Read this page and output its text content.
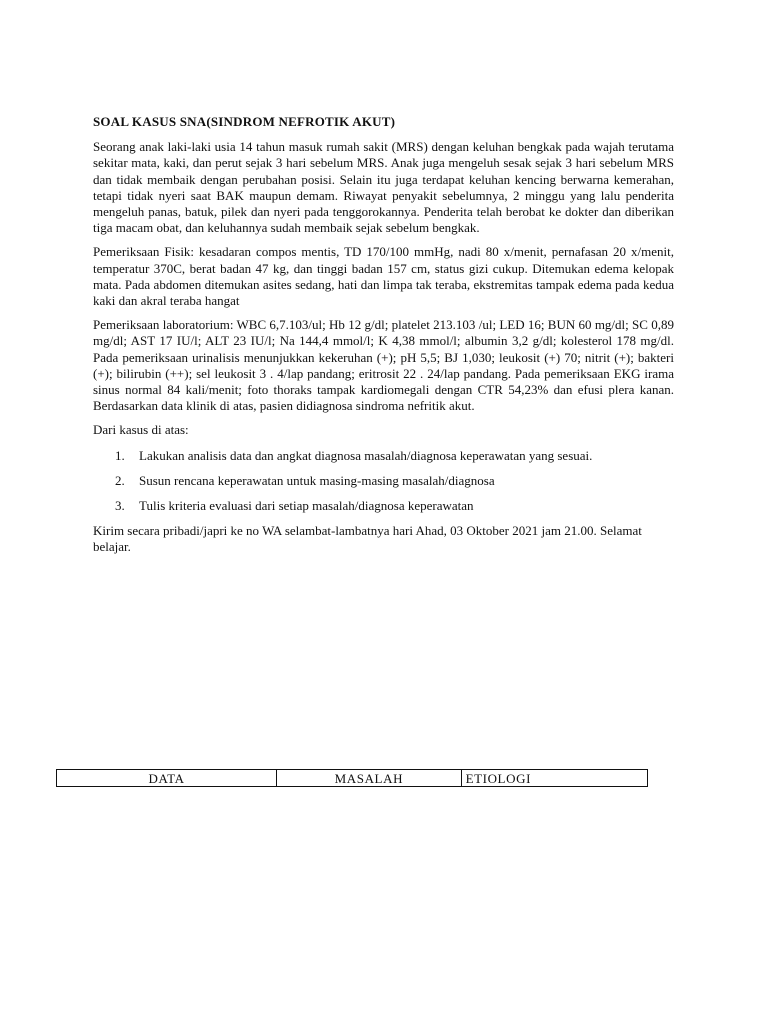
SOAL KASUS SNA(SINDROM NEFROTIK AKUT)

Seorang anak laki-laki usia 14 tahun masuk rumah sakit (MRS) dengan keluhan bengkak pada wajah terutama sekitar mata, kaki, dan perut sejak 3 hari sebelum MRS. Anak juga mengeluh sesak sejak 3 hari sebelum MRS dan tidak membaik dengan perubahan posisi. Selain itu juga terdapat keluhan kencing berwarna kemerahan, tetapi tidak nyeri saat BAK maupun demam. Riwayat penyakit sebelumnya, 2 minggu yang lalu penderita mengeluh panas, batuk, pilek dan nyeri pada tenggorokannya. Penderita telah berobat ke dokter dan diberikan tiga macam obat, dan keluhannya sudah membaik sejak sebelum bengkak.

Pemeriksaan Fisik: kesadaran compos mentis, TD 170/100 mmHg, nadi 80 x/menit, pernafasan 20 x/menit, temperatur 370C, berat badan 47 kg, dan tinggi badan 157 cm, status gizi cukup. Ditemukan edema kelopak mata. Pada abdomen ditemukan asites sedang, hati dan limpa tak teraba, ekstremitas tampak edema pada kedua kaki dan akral teraba hangat

Pemeriksaan laboratorium: WBC 6,7.103/ul; Hb 12 g/dl; platelet 213.103 /ul; LED 16; BUN 60 mg/dl; SC 0,89 mg/dl; AST 17 IU/l; ALT 23 IU/l; Na 144,4 mmol/l; K 4,38 mmol/l; albumin 3,2 g/dl; kolesterol 178 mg/dl. Pada pemeriksaan urinalisis menunjukkan kekeruhan (+); pH 5,5; BJ 1,030; leukosit (+) 70; nitrit (+); bakteri (+); bilirubin (++); sel leukosit 3 . 4/lap pandang; eritrosit 22 . 24/lap pandang. Pada pemeriksaan EKG irama sinus normal 84 kali/menit; foto thoraks tampak kardiomegali dengan CTR 54,23% dan efusi plera kanan. Berdasarkan data klinik di atas, pasien didiagnosa sindroma nefritik akut.

Dari kasus di atas:

1. Lakukan analisis data dan angkat diagnosa masalah/diagnosa keperawatan yang sesuai.
2. Susun rencana keperawatan untuk masing-masing masalah/diagnosa
3. Tulis kriteria evaluasi dari setiap masalah/diagnosa keperawatan

Kirim secara pribadi/japri ke no WA selambat-lambatnya hari Ahad, 03 Oktober 2021 jam 21.00. Selamat belajar.

DATA	MASALAH	ETIOLOGI
